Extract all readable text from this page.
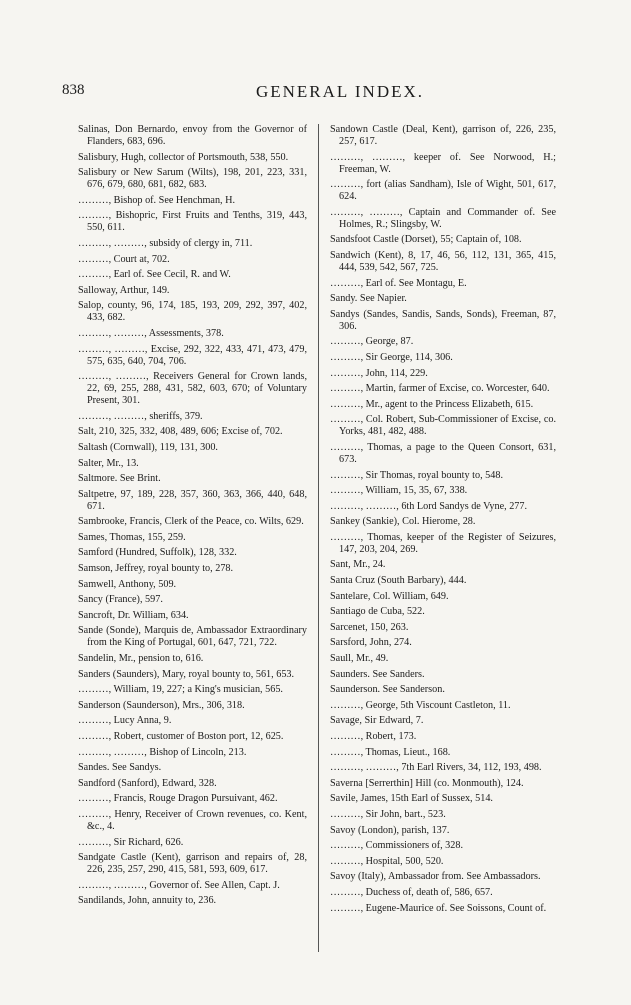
838	GENERAL INDEX.

Salinas, Don Bernardo, envoy from the Governor of Flanders, 683, 696.

Salisbury, Hugh, collector of Portsmouth, 538, 550.

Salisbury or New Sarum (Wilts), 198, 201, 223, 331, 676, 679, 680, 681, 682, 683.

………, Bishop of. See Henchman, H.

………, Bishopric, First Fruits and Tenths, 319, 443, 550, 611.

………, ………, subsidy of clergy in, 711.

………, Court at, 702.

………, Earl of. See Cecil, R. and W.

Salloway, Arthur, 149.

Salop, county, 96, 174, 185, 193, 209, 292, 397, 402, 433, 682.

………, ………, Assessments, 378.

………, ………, Excise, 292, 322, 433, 471, 473, 479, 575, 635, 640, 704, 706.

………, ………, Receivers General for Crown lands, 22, 69, 255, 288, 431, 582, 603, 670; of Voluntary Present, 301.

………, ………, sheriffs, 379.

Salt, 210, 325, 332, 408, 489, 606; Excise of, 702.

Saltash (Cornwall), 119, 131, 300.

Salter, Mr., 13.

Saltmore. See Brint.

Saltpetre, 97, 189, 228, 357, 360, 363, 366, 440, 648, 671.

Sambrooke, Francis, Clerk of the Peace, co. Wilts, 629.

Sames, Thomas, 155, 259.

Samford (Hundred, Suffolk), 128, 332.

Samson, Jeffrey, royal bounty to, 278.

Samwell, Anthony, 509.

Sancy (France), 597.

Sancroft, Dr. William, 634.

Sande (Sonde), Marquis de, Ambassador Extraordinary from the King of Portugal, 601, 647, 721, 722.

Sandelin, Mr., pension to, 616.

Sanders (Saunders), Mary, royal bounty to, 561, 653.

………, William, 19, 227; a King's musician, 565.

Sanderson (Saunderson), Mrs., 306, 318.

………, Lucy Anna, 9.

………, Robert, customer of Boston port, 12, 625.

………, ………, Bishop of Lincoln, 213.

Sandes. See Sandys.

Sandford (Sanford), Edward, 328.

………, Francis, Rouge Dragon Pursuivant, 462.

………, Henry, Receiver of Crown revenues, co. Kent, &c., 4.

………, Sir Richard, 626.

Sandgate Castle (Kent), garrison and repairs of, 28, 226, 235, 257, 290, 415, 581, 593, 609, 617.

………, ………, Governor of. See Allen, Capt. J.

Sandilands, John, annuity to, 236.

Sandown Castle (Deal, Kent), garrison of, 226, 235, 257, 617.

………, ………, keeper of. See Norwood, H.; Freeman, W.

………, fort (alias Sandham), Isle of Wight, 501, 617, 624.

………, ………, Captain and Commander of. See Holmes, R.; Slingsby, W.

Sandsfoot Castle (Dorset), 55; Captain of, 108.

Sandwich (Kent), 8, 17, 46, 56, 112, 131, 365, 415, 444, 539, 542, 567, 725.

………, Earl of. See Montagu, E.

Sandy. See Napier.

Sandys (Sandes, Sandis, Sands, Sonds), Freeman, 87, 306.

………, George, 87.

………, Sir George, 114, 306.

………, John, 114, 229.

………, Martin, farmer of Excise, co. Worcester, 640.

………, Mr., agent to the Princess Elizabeth, 615.

………, Col. Robert, Sub-Commissioner of Excise, co. Yorks, 481, 482, 488.

………, Thomas, a page to the Queen Consort, 631, 673.

………, Sir Thomas, royal bounty to, 548.

………, William, 15, 35, 67, 338.

………, ………, 6th Lord Sandys de Vyne, 277.

Sankey (Sankie), Col. Hierome, 28.

………, Thomas, keeper of the Register of Seizures, 147, 203, 204, 269.

Sant, Mr., 24.

Santa Cruz (South Barbary), 444.

Santelare, Col. William, 649.

Santiago de Cuba, 522.

Sarcenet, 150, 263.

Sarsford, John, 274.

Saull, Mr., 49.

Saunders. See Sanders.

Saunderson. See Sanderson.

………, George, 5th Viscount Castleton, 11.

Savage, Sir Edward, 7.

………, Robert, 173.

………, Thomas, Lieut., 168.

………, ………, 7th Earl Rivers, 34, 112, 193, 498.

Saverna [Serrerthin] Hill (co. Monmouth), 124.

Savile, James, 15th Earl of Sussex, 514.

………, Sir John, bart., 523.

Savoy (London), parish, 137.

………, Commissioners of, 328.

………, Hospital, 500, 520.

Savoy (Italy), Ambassador from. See Ambassadors.

………, Duchess of, death of, 586, 657.

………, Eugene-Maurice of. See Soissons, Count of.
